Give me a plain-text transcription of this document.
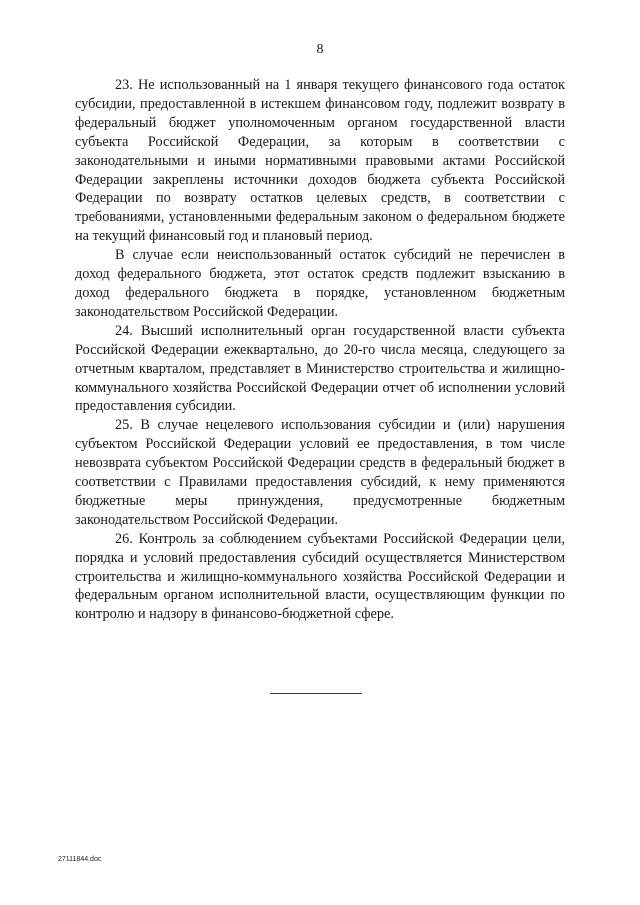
8

23. Не использованный на 1 января текущего финансового года остаток субсидии, предоставленной в истекшем финансовом году, подлежит возврату в федеральный бюджет уполномоченным органом государственной власти субъекта Российской Федерации, за которым в соответствии с законодательными и иными нормативными правовыми актами Российской Федерации закреплены источники доходов бюджета субъекта Российской Федерации по возврату остатков целевых средств, в соответствии с требованиями, установленными федеральным законом о федеральном бюджете на текущий финансовый год и плановый период.

В случае если неиспользованный остаток субсидий не перечислен в доход федерального бюджета, этот остаток средств подлежит взысканию в доход федерального бюджета в порядке, установленном бюджетным законодательством Российской Федерации.

24. Высший исполнительный орган государственной власти субъекта Российской Федерации ежеквартально, до 20-го числа месяца, следующего за отчетным кварталом, представляет в Министерство строительства и жилищно-коммунального хозяйства Российской Федерации отчет об исполнении условий предоставления субсидии.

25. В случае нецелевого использования субсидии и (или) нарушения субъектом Российской Федерации условий ее предоставления, в том числе невозврата субъектом Российской Федерации средств в федеральный бюджет в соответствии с Правилами предоставления субсидий, к нему применяются бюджетные меры принуждения, предусмотренные бюджетным законодательством Российской Федерации.

26. Контроль за соблюдением субъектами Российской Федерации цели, порядка и условий предоставления субсидий осуществляется Министерством строительства и жилищно-коммунального хозяйства Российской Федерации и федеральным органом исполнительной власти, осуществляющим функции по контролю и надзору в финансово-бюджетной сфере.

27111844.doc
